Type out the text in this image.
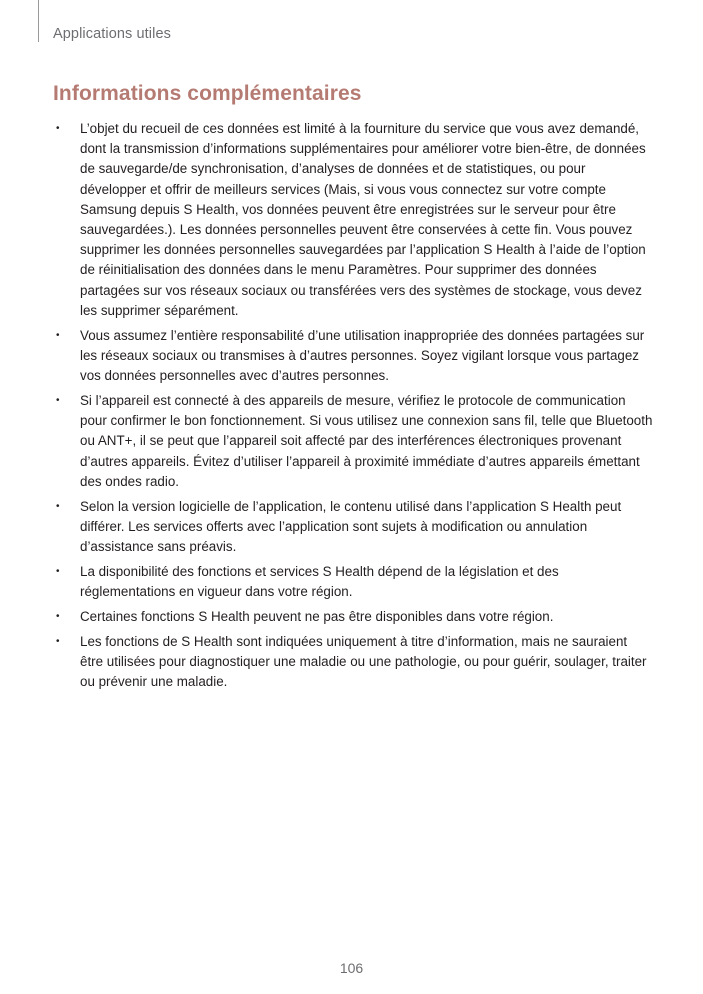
Applications utiles
Informations complémentaires
• L’objet du recueil de ces données est limité à la fourniture du service que vous avez demandé, dont la transmission d’informations supplémentaires pour améliorer votre bien-être, de données de sauvegarde/de synchronisation, d’analyses de données et de statistiques, ou pour développer et offrir de meilleurs services (Mais, si vous vous connectez sur votre compte Samsung depuis S Health, vos données peuvent être enregistrées sur le serveur pour être sauvegardées.). Les données personnelles peuvent être conservées à cette fin. Vous pouvez supprimer les données personnelles sauvegardées par l’application S Health à l’aide de l’option de réinitialisation des données dans le menu Paramètres. Pour supprimer des données partagées sur vos réseaux sociaux ou transférées vers des systèmes de stockage, vous devez les supprimer séparément.
• Vous assumez l’entière responsabilité d’une utilisation inappropriée des données partagées sur les réseaux sociaux ou transmises à d’autres personnes. Soyez vigilant lorsque vous partagez vos données personnelles avec d’autres personnes.
• Si l’appareil est connecté à des appareils de mesure, vérifiez le protocole de communication pour confirmer le bon fonctionnement. Si vous utilisez une connexion sans fil, telle que Bluetooth ou ANT+, il se peut que l’appareil soit affecté par des interférences électroniques provenant d’autres appareils. Évitez d’utiliser l’appareil à proximité immédiate d’autres appareils émettant des ondes radio.
• Selon la version logicielle de l’application, le contenu utilisé dans l’application S Health peut différer. Les services offerts avec l’application sont sujets à modification ou annulation d’assistance sans préavis.
• La disponibilité des fonctions et services S Health dépend de la législation et des réglementations en vigueur dans votre région.
• Certaines fonctions S Health peuvent ne pas être disponibles dans votre région.
• Les fonctions de S Health sont indiquées uniquement à titre d’information, mais ne sauraient être utilisées pour diagnostiquer une maladie ou une pathologie, ou pour guérir, soulager, traiter ou prévenir une maladie.
106
